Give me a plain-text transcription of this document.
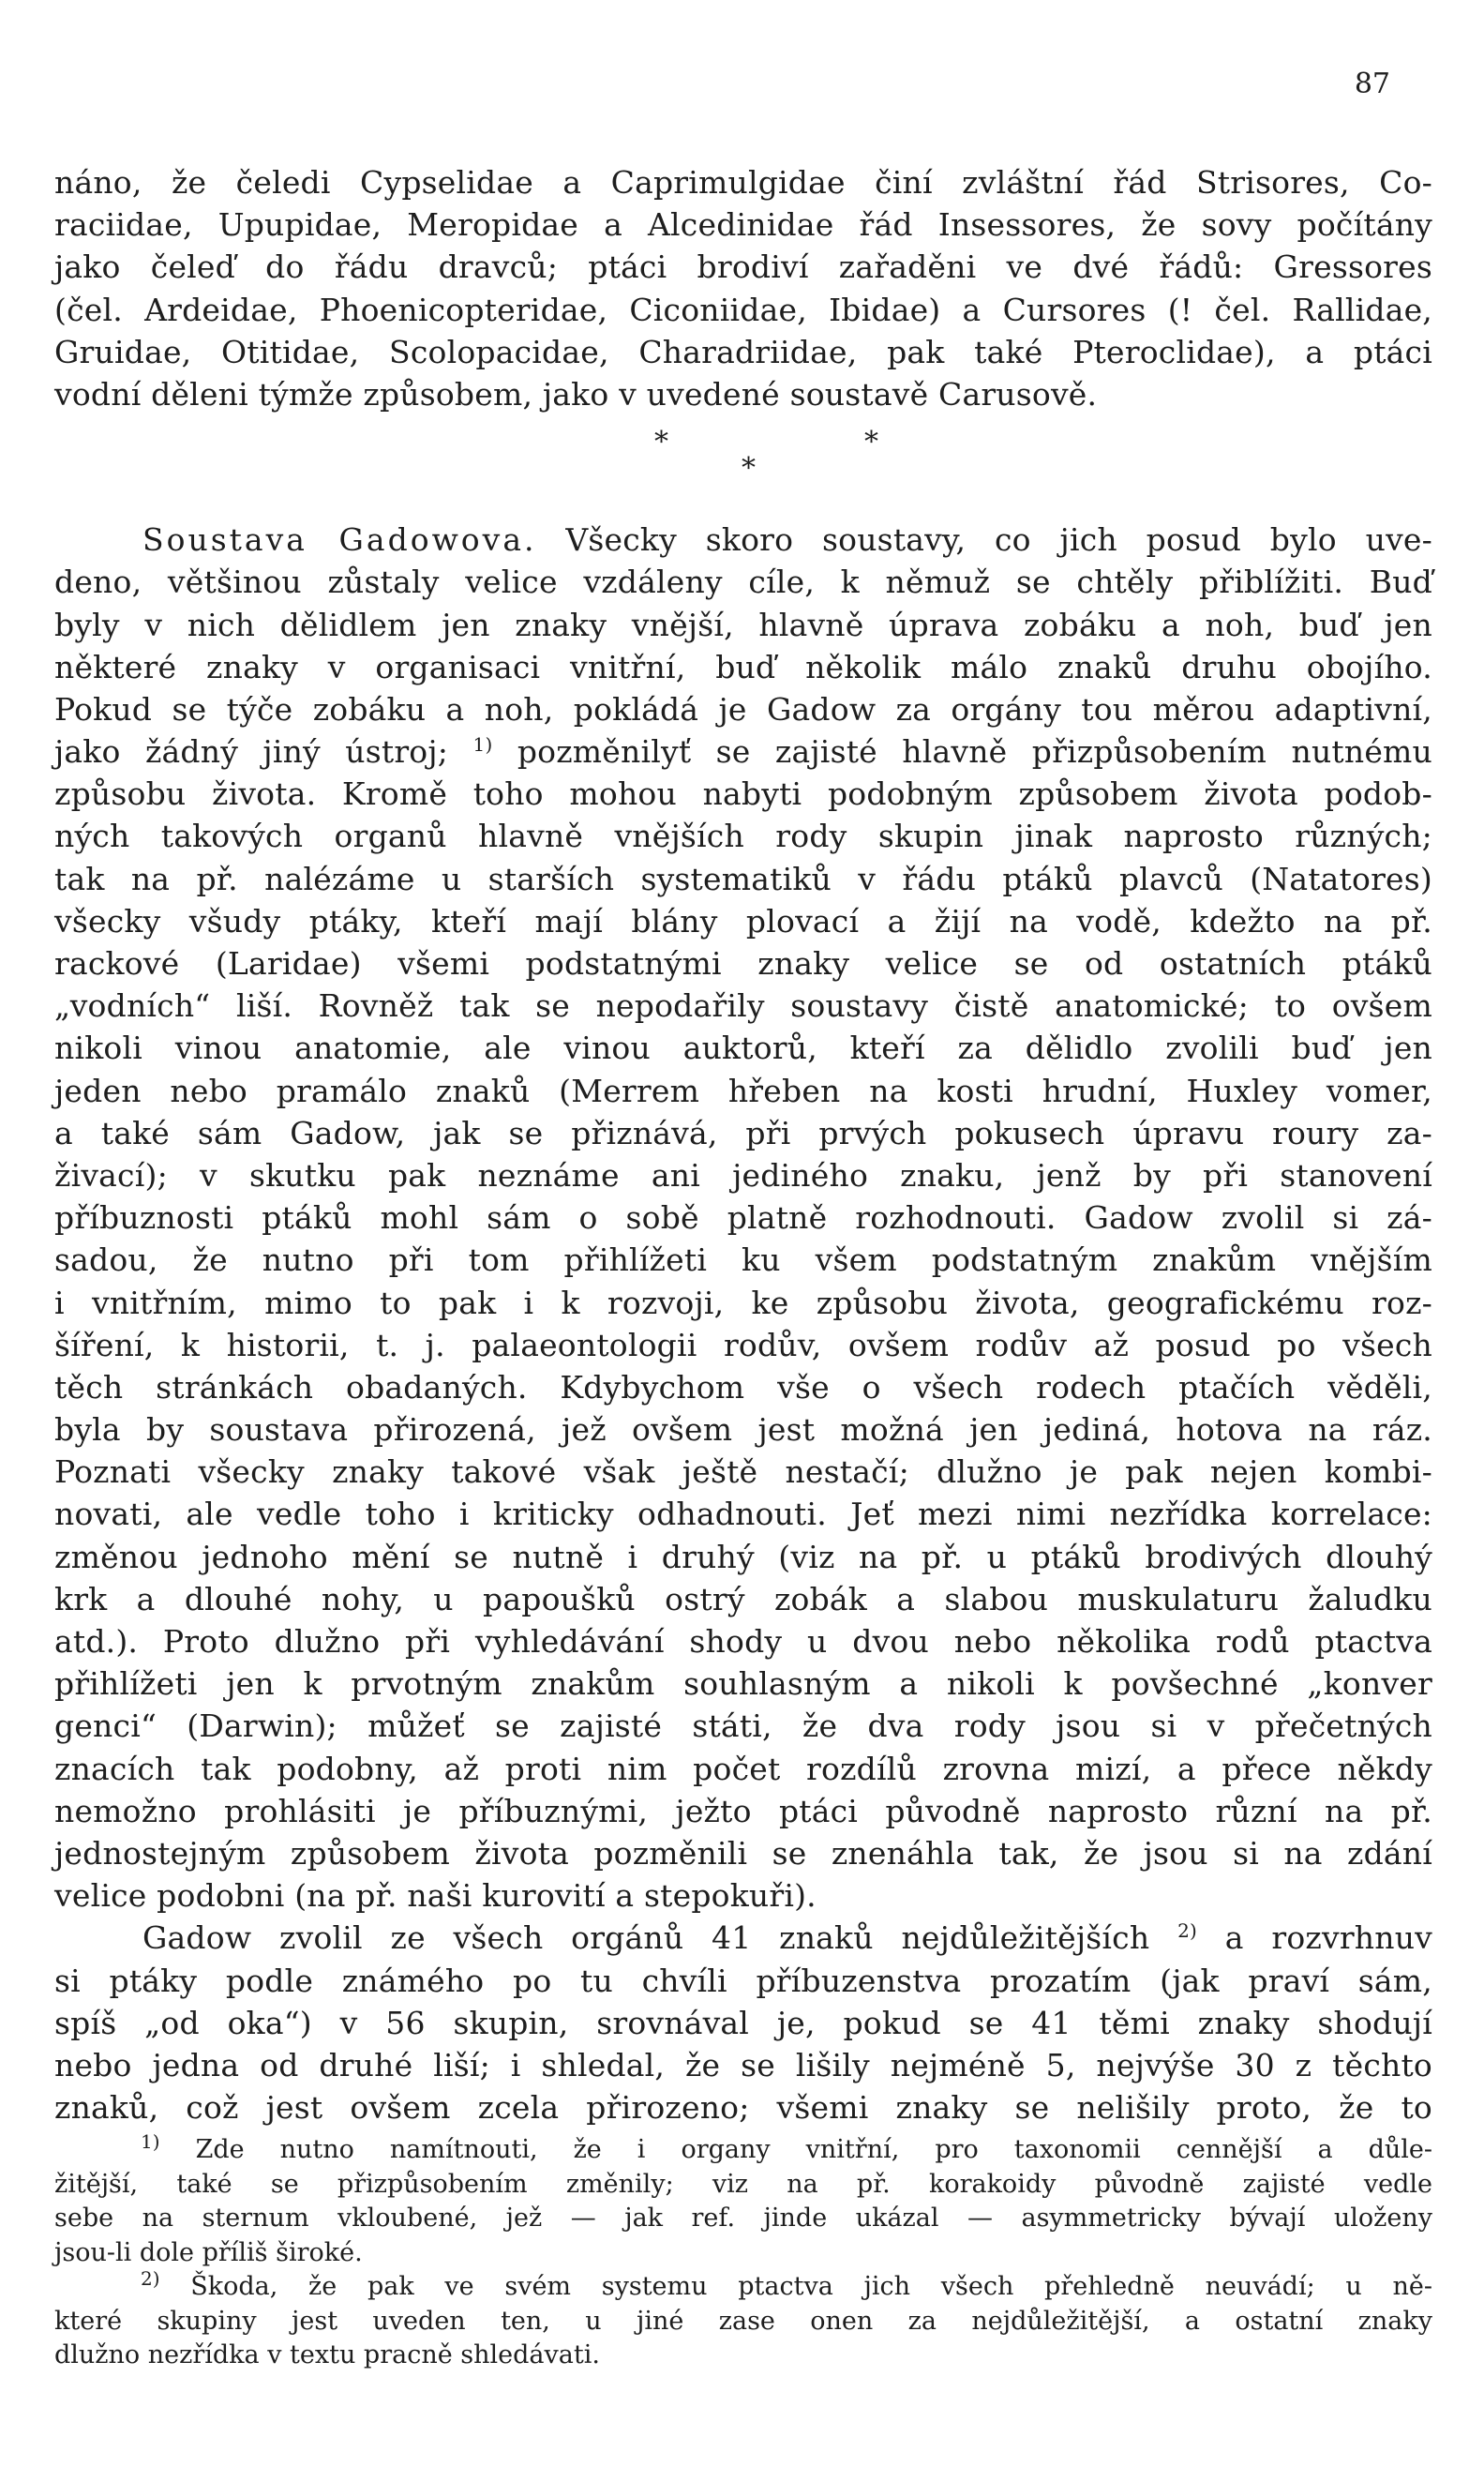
87
náno, že čeledi Cypselidae a Caprimulgidae činí zvláštní řád Strisores, Co-
raciidae, Upupidae, Meropidae a Alcedinidae řád Insessores, že sovy počítány
jako čeleď do řádu dravců; ptáci brodiví zařaděni ve dvé řádů: Gressores
(čel. Ardeidae, Phoenicopteridae, Ciconiidae, Ibidae) a Cursores (! čel. Rallidae,
Gruidae, Otitidae, Scolopacidae, Charadriidae, pak také Pteroclidae), a ptáci
vodní děleni týmže způsobem, jako v uvedené soustavě Carusově.
*	*
*
Soustava Gadowova. Všecky skoro soustavy, co jich posud bylo uve-
deno, většinou zůstaly velice vzdáleny cíle, k němuž se chtěly přiblížiti. Buď
byly v nich dělidlem jen znaky vnější, hlavně úprava zobáku a noh, buď jen
některé znaky v organisaci vnitřní, buď několik málo znaků druhu obojího.
Pokud se týče zobáku a noh, pokládá je Gadow za orgány tou měrou adaptivní,
jako žádný jiný ústroj; $^{1)}$ pozměnilyť se zajisté hlavně přizpůsobením nutnému
způsobu života. Kromě toho mohou nabyti podobným způsobem života podob-
ných takových organů hlavně vnějších rody skupin jinak naprosto různých;
tak na př. nalézáme u starších systematiků v řádu ptáků plavců (Natatores)
všecky všudy ptáky, kteří mají blány plovací a žijí na vodě, kdežto na př.
rackové (Laridae) všemi podstatnými znaky velice se od ostatních ptáků
„vodních“ liší. Rovněž tak se nepodařily soustavy čistě anatomické; to ovšem
nikoli vinou anatomie, ale vinou auktorů, kteří za dělidlo zvolili buď jen
jeden nebo pramálo znaků (Merrem hřeben na kosti hrudní, Huxley vomer,
a také sám Gadow, jak se přiznává, při prvých pokusech úpravu roury za-
živací); v skutku pak neznáme ani jediného znaku, jenž by při stanovení
příbuznosti ptáků mohl sám o sobě platně rozhodnouti. Gadow zvolil si zá-
sadou, že nutno při tom přihlížeti ku všem podstatným znakům vnějším
i vnitřním, mimo to pak i k rozvoji, ke způsobu života, geografickému roz-
šíření, k historii, t. j. palaeontologii rodův, ovšem rodův až posud po všech
těch stránkách obadaných. Kdybychom vše o všech rodech ptačích věděli,
byla by soustava přirozená, jež ovšem jest možná jen jediná, hotova na ráz.
Poznati všecky znaky takové však ještě nestačí; dlužno je pak nejen kombi-
novati, ale vedle toho i kriticky odhadnouti. Jeť mezi nimi nezřídka korrelace:
změnou jednoho mění se nutně i druhý (viz na př. u ptáků brodivých dlouhý
krk a dlouhé nohy, u papoušků ostrý zobák a slabou muskulaturu žaludku
atd.). Proto dlužno při vyhledávání shody u dvou nebo několika rodů ptactva
přihlížeti jen k prvotným znakům souhlasným a nikoli k povšechné „konver
genci“ (Darwin); můžeť se zajisté státi, že dva rody jsou si v přečetných
znacích tak podobny, až proti nim počet rozdílů zrovna mizí, a přece někdy
nemožno prohlásiti je příbuznými, ježto ptáci původně naprosto různí na př.
jednostejným způsobem života pozměnili se znenáhla tak, že jsou si na zdání
velice podobni (na př. naši kurovití a stepokuři).
Gadow zvolil ze všech orgánů 41 znaků nejdůležitějších $^{2)}$ a rozvrhnuv
si ptáky podle známého po tu chvíli příbuzenstva prozatím (jak praví sám,
spíš „od oka“) v 56 skupin, srovnával je, pokud se 41 těmi znaky shodují
nebo jedna od druhé liší; i shledal, že se lišily nejméně 5, nejvýše 30 z těchto
znaků, což jest ovšem zcela přirozeno; všemi znaky se nelišily proto, že to
$^{1)}$ Zde nutno namítnouti, že i organy vnitřní, pro taxonomii cennější a důle-
žitější, také se přizpůsobením změnily; viz na př. korakoidy původně zajisté vedle
sebe na sternum vkloubené, jež — jak ref. jinde ukázal — asymmetricky bývají uloženy
jsou-li dole příliš široké.
$^{2)}$ Škoda, že pak ve svém systemu ptactva jich všech přehledně neuvádí; u ně-
které skupiny jest uveden ten, u jiné zase onen za nejdůležitější, a ostatní znaky
dlužno nezřídka v textu pracně shledávati.
